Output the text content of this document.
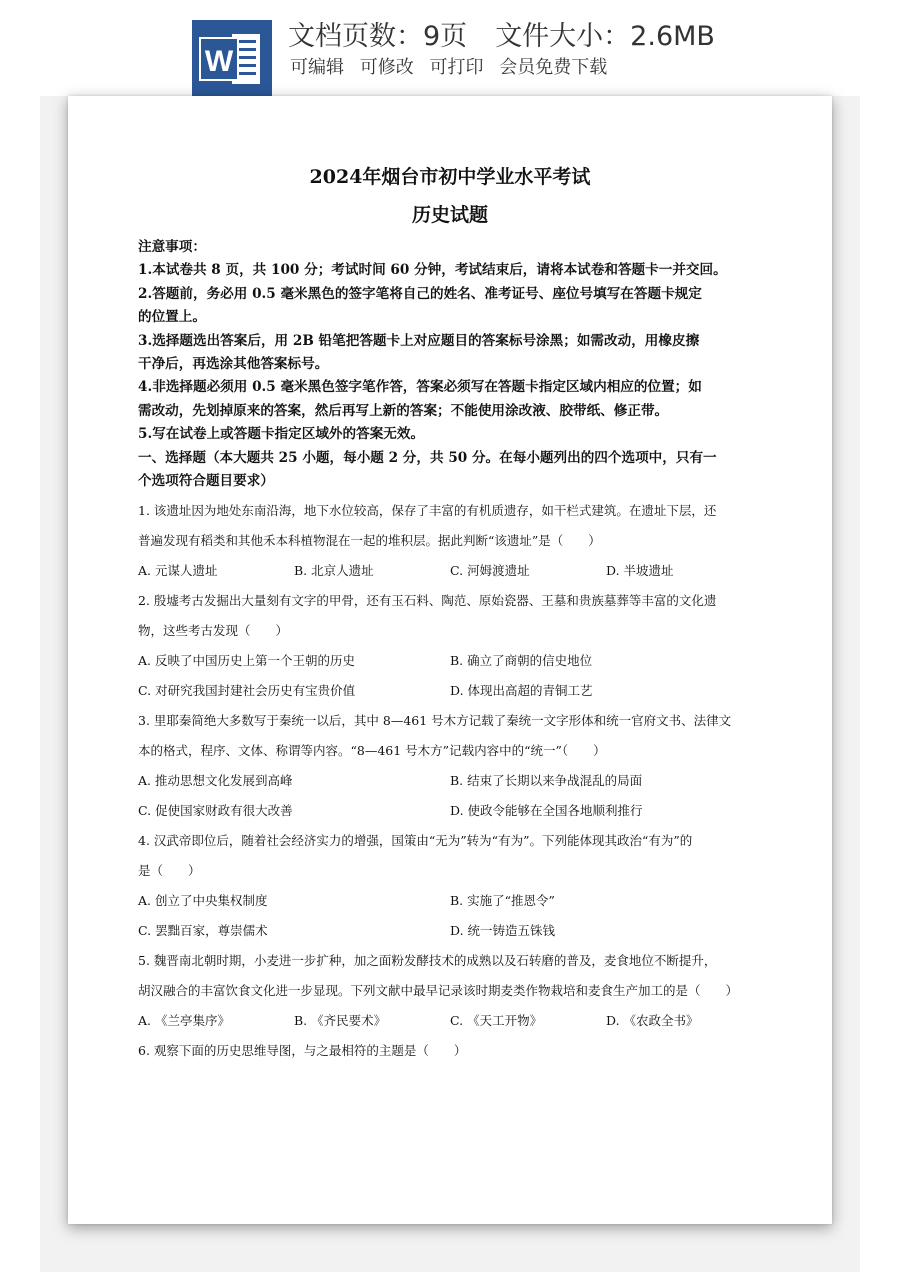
W
文档页数：9页 文件大小：2.6MB
可编辑 可修改 可打印 会员免费下载
2024年烟台市初中学业水平考试
历史试题
注意事项：
1.本试卷共 8 页，共 100 分；考试时间 60 分钟，考试结束后，请将本试卷和答题卡一并交回。
2.答题前，务必用 0.5 毫米黑色的签字笔将自己的姓名、准考证号、座位号填写在答题卡规定
的位置上。
3.选择题选出答案后，用 2B 铅笔把答题卡上对应题目的答案标号涂黑；如需改动，用橡皮擦
干净后，再选涂其他答案标号。
4.非选择题必须用 0.5 毫米黑色签字笔作答，答案必须写在答题卡指定区域内相应的位置；如
需改动，先划掉原来的答案，然后再写上新的答案；不能使用涂改液、胶带纸、修正带。
5.写在试卷上或答题卡指定区域外的答案无效。
一、选择题（本大题共 25 小题，每小题 2 分，共 50 分。在每小题列出的四个选项中，只有一
个选项符合题目要求）
1. 该遗址因为地处东南沿海，地下水位较高，保存了丰富的有机质遗存，如干栏式建筑。在遗址下层，还
普遍发现有稻类和其他禾本科植物混在一起的堆积层。据此判断“该遗址”是（　　）
A. 元谋人遗址	B. 北京人遗址	C. 河姆渡遗址	D. 半坡遗址
2. 殷墟考古发掘出大量刻有文字的甲骨，还有玉石料、陶范、原始瓷器、王墓和贵族墓葬等丰富的文化遗
物，这些考古发现（　　）
A. 反映了中国历史上第一个王朝的历史	B. 确立了商朝的信史地位
C. 对研究我国封建社会历史有宝贵价值	D. 体现出高超的青铜工艺
3. 里耶秦简绝大多数写于秦统一以后，其中 8—461 号木方记载了秦统一文字形体和统一官府文书、法律文
本的格式，程序、文体、称谓等内容。“8—461 号木方”记载内容中的“统一”（　　）
A. 推动思想文化发展到高峰	B. 结束了长期以来争战混乱的局面
C. 促使国家财政有很大改善	D. 使政令能够在全国各地顺利推行
4. 汉武帝即位后，随着社会经济实力的增强，国策由“无为”转为“有为”。下列能体现其政治“有为”的
是（　　）
A. 创立了中央集权制度	B. 实施了“推恩令”
C. 罢黜百家，尊崇儒术	D. 统一铸造五铢钱
5. 魏晋南北朝时期，小麦进一步扩种，加之面粉发酵技术的成熟以及石转磨的普及，麦食地位不断提升，
胡汉融合的丰富饮食文化进一步显现。下列文献中最早记录该时期麦类作物栽培和麦食生产加工的是（　　）
A. 《兰亭集序》	B. 《齐民要术》	C. 《天工开物》	D. 《农政全书》
6. 观察下面的历史思维导图，与之最相符的主题是（　　）
